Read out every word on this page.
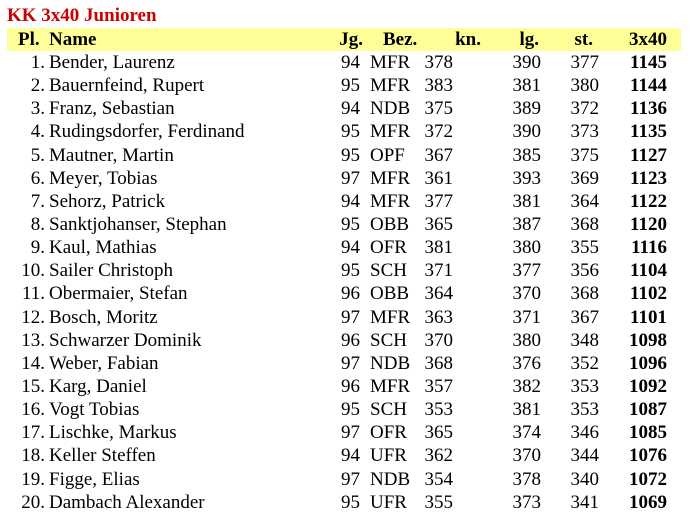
KK 3x40 Junioren
Pl. Name	Jg. Bez. kn. lg. st. 3x40
1. Bender, Laurenz	94 MFR 378	390 377 1145
2. Bauernfeind, Rupert	95 MFR 383	381 380 1144
3. Franz, Sebastian	94 NDB 375	389 372 1136
4. Rudingsdorfer, Ferdinand	95 MFR 372	390 373 1135
5. Mautner, Martin	95 OPF 367	385 375 1127
6. Meyer, Tobias	97 MFR 361	393 369 1123
7. Sehorz, Patrick	94 MFR 377	381 364 1122
8. Sanktjohanser, Stephan	95 OBB 365	387 368 1120
9. Kaul, Mathias	94 OFR 381	380 355 1116
10. Sailer Christoph	95 SCH 371	377 356 1104
11. Obermaier, Stefan	96 OBB 364	370 368 1102
12. Bosch, Moritz	97 MFR 363	371 367 1101
13. Schwarzer Dominik	96 SCH 370	380 348 1098
14. Weber, Fabian	97 NDB 368	376 352 1096
15. Karg, Daniel	96 MFR 357	382 353 1092
16. Vogt Tobias	95 SCH 353	381 353 1087
17. Lischke, Markus	97 OFR 365	374 346 1085
18. Keller Steffen	94 UFR 362	370 344 1076
19. Figge, Elias	97 NDB 354	378 340 1072
20. Dambach Alexander	95 UFR 355	373 341 1069
